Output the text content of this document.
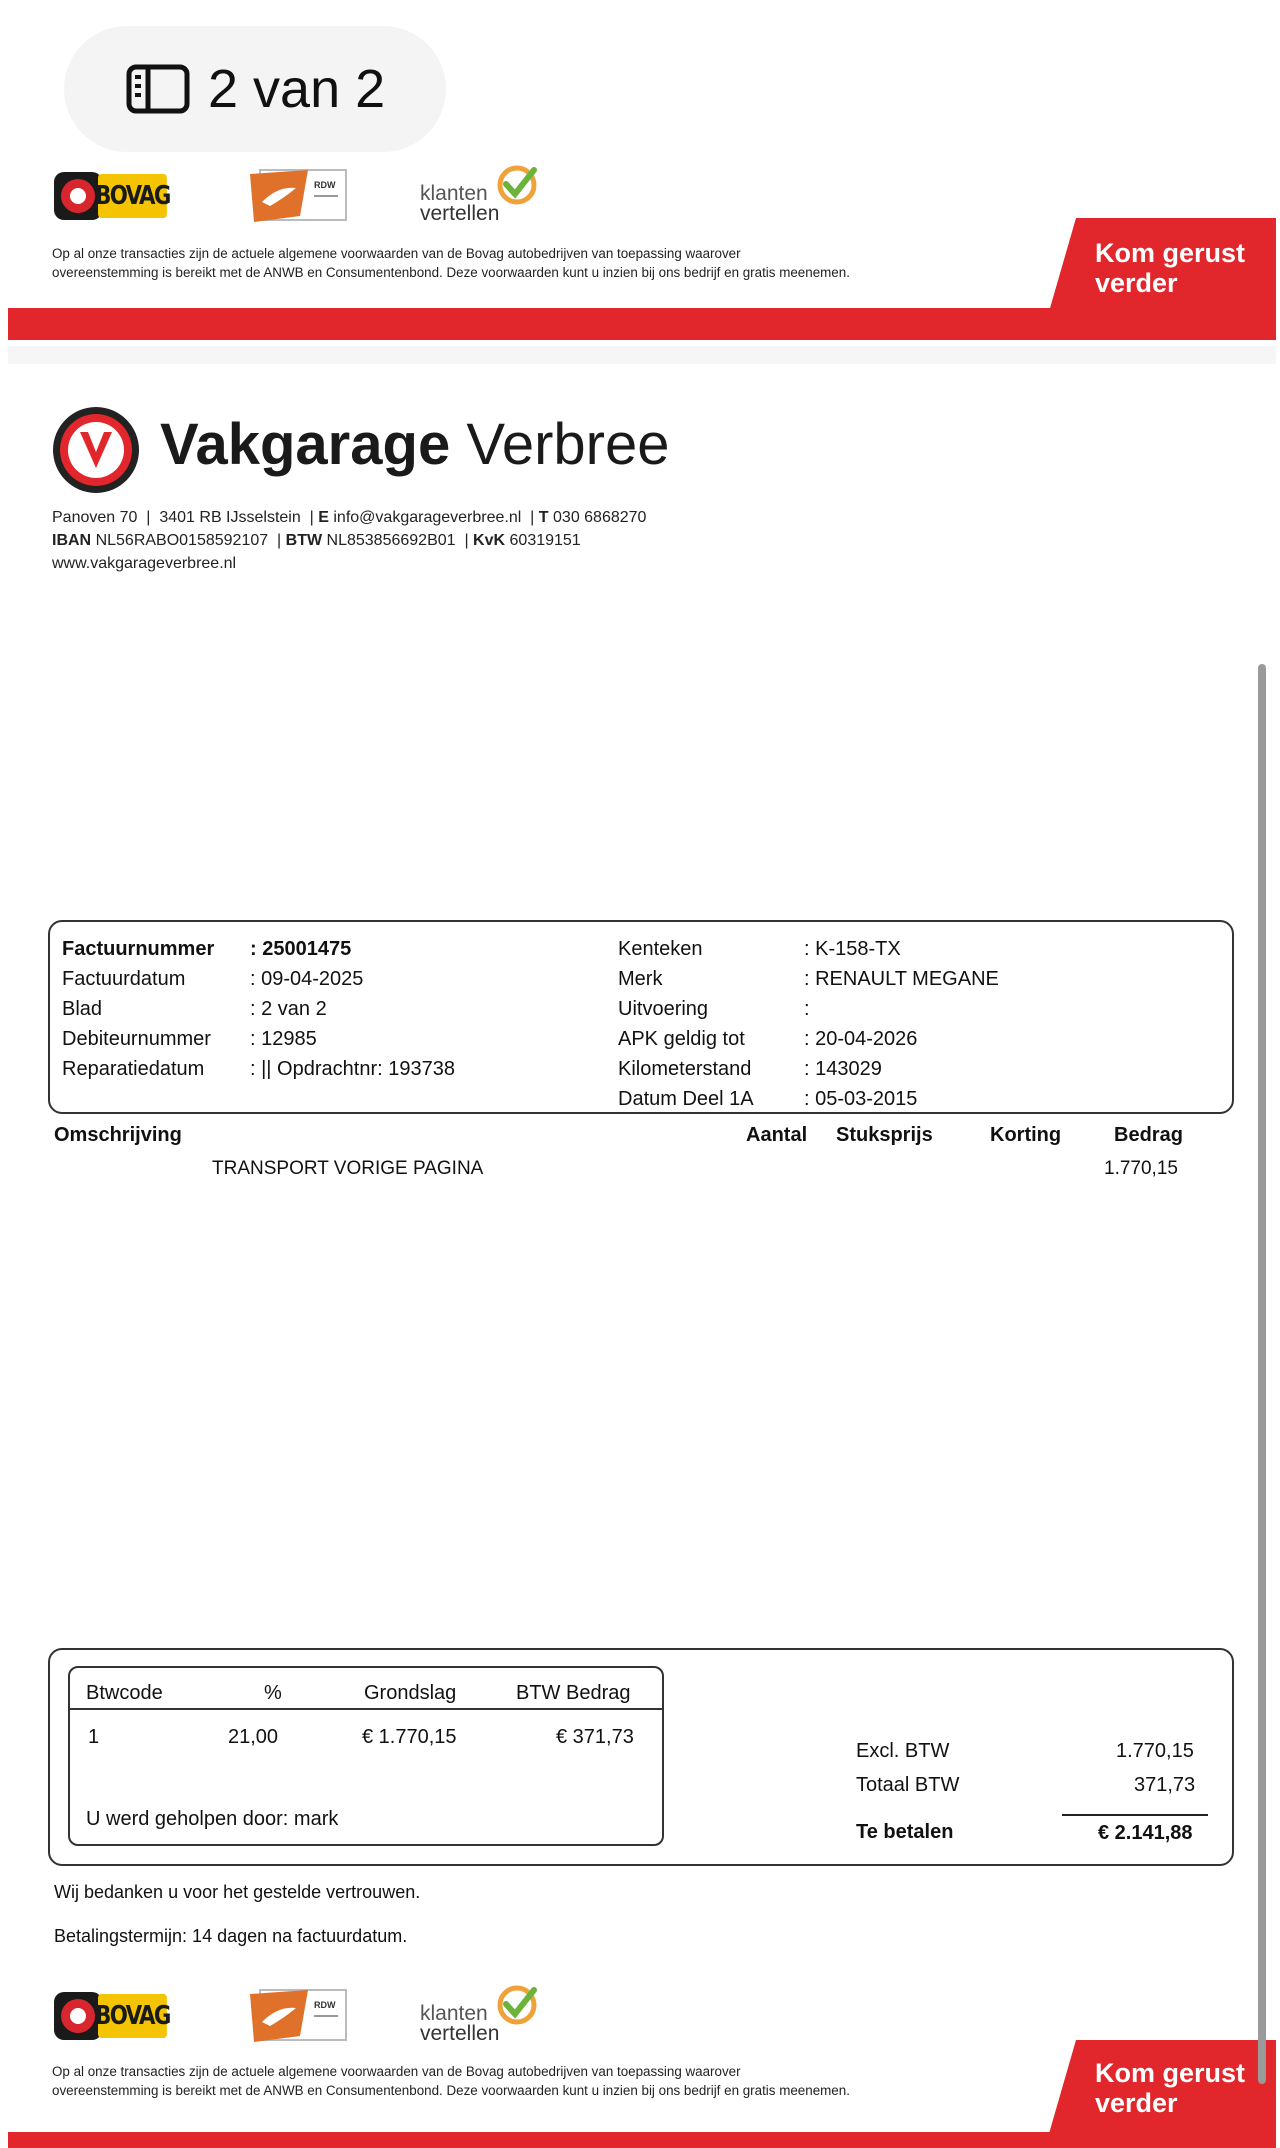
2 van 2
BOVAG	RDW	klanten
vertellen
Op al onze transacties zijn de actuele algemene voorwaarden van de Bovag autobedrijven van toepassing waarover
overeenstemming is bereikt met de ANWB en Consumentenbond. Deze voorwaarden kunt u inzien bij ons bedrijf en gratis meenemen.
Kom gerust
verder
Vakgarage Verbree
Panoven 70  |  3401 RB IJsselstein  | E info@vakgarageverbree.nl  | T 030 6868270
IBAN NL56RABO0158592107  | BTW NL853856692B01  | KvK 60319151
www.vakgarageverbree.nl
Factuurnummer : 25001475
Factuurdatum	: 09-04-2025
Blad	: 2 van 2
Debiteurnummer : 12985
Reparatiedatum : || Opdrachtnr: 193738
Kenteken	: K-158-TX
Merk	: RENAULT MEGANE
Uitvoering	:
APK geldig tot	: 20-04-2026
Kilometerstand	: 143029
Datum Deel 1A	: 05-03-2015
Omschrijving	Aantal Stuksprijs	Korting	Bedrag
TRANSPORT VORIGE PAGINA	1.770,15
Btwcode	%	Grondslag	BTW Bedrag
1	21,00	€ 1.770,15	€ 371,73
U werd geholpen door: mark
Excl. BTW	1.770,15
Totaal BTW	371,73
Te betalen	€ 2.141,88
Wij bedanken u voor het gestelde vertrouwen.
Betalingstermijn: 14 dagen na factuurdatum.
BOVAG	RDW	klanten
vertellen
Op al onze transacties zijn de actuele algemene voorwaarden van de Bovag autobedrijven van toepassing waarover
overeenstemming is bereikt met de ANWB en Consumentenbond. Deze voorwaarden kunt u inzien bij ons bedrijf en gratis meenemen.
Kom gerust
verder
